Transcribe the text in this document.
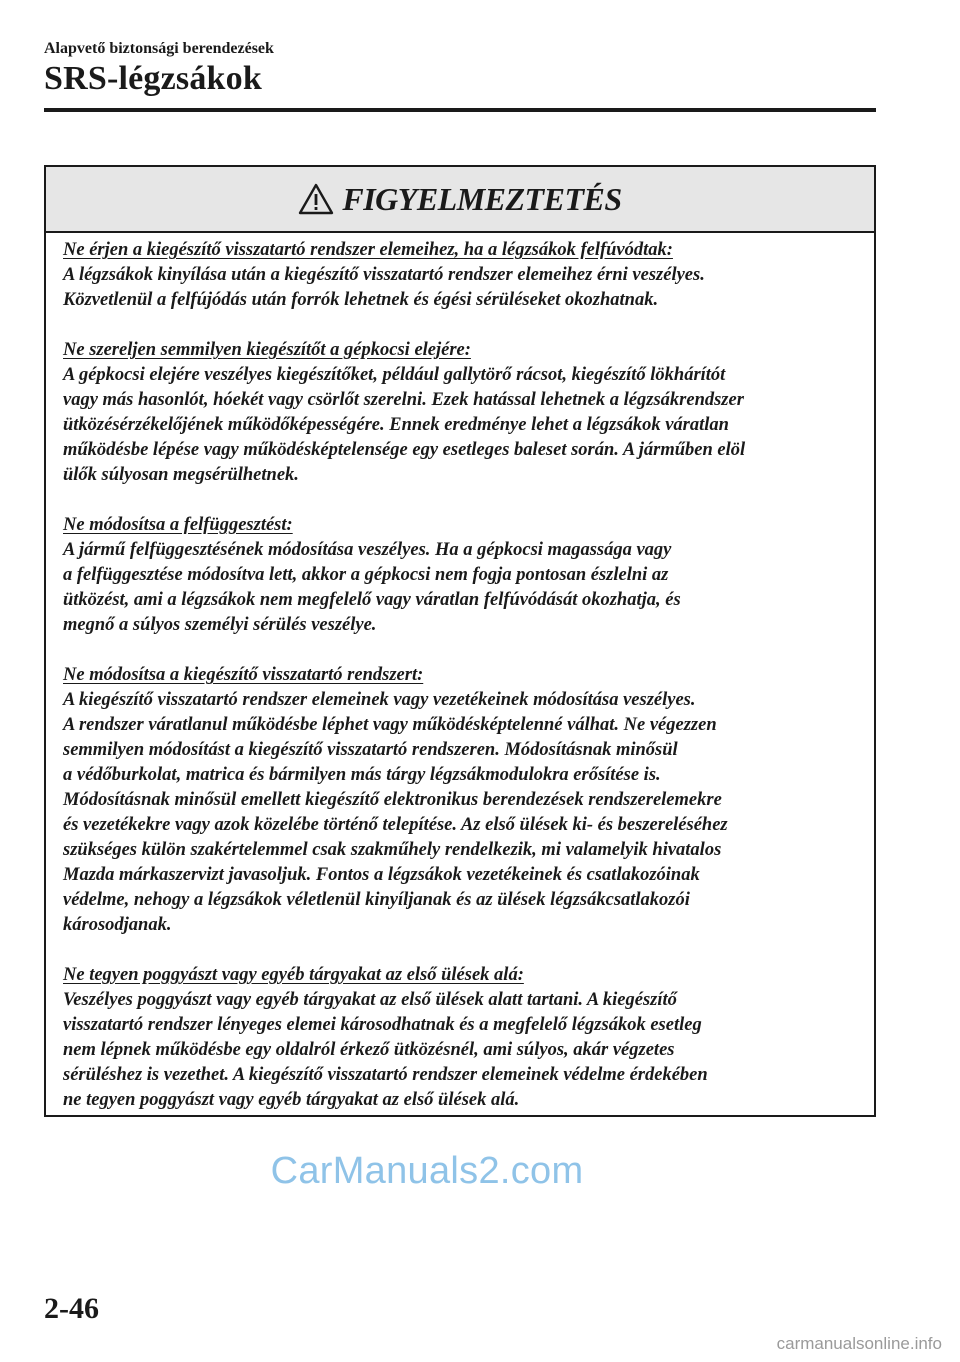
Alapvető biztonsági berendezések
SRS-légzsákok
FIGYELMEZTETÉS
Ne érjen a kiegészítő visszatartó rendszer elemeihez, ha a légzsákok felfúvódtak:
A légzsákok kinyílása után a kiegészítő visszatartó rendszer elemeihez érni veszélyes.
Közvetlenül a felfújódás után forrók lehetnek és égési sérüléseket okozhatnak.
Ne szereljen semmilyen kiegészítőt a gépkocsi elejére:
A gépkocsi elejére veszélyes kiegészítőket, például gallytörő rácsot, kiegészítő lökhárítót
vagy más hasonlót, hóekét vagy csörlőt szerelni. Ezek hatással lehetnek a légzsákrendszer
ütközésérzékelőjének működőképességére. Ennek eredménye lehet a légzsákok váratlan
működésbe lépése vagy működésképtelensége egy esetleges baleset során. A járműben elöl
ülők súlyosan megsérülhetnek.
Ne módosítsa a felfüggesztést:
A jármű felfüggesztésének módosítása veszélyes. Ha a gépkocsi magassága vagy
a felfüggesztése módosítva lett, akkor a gépkocsi nem fogja pontosan észlelni az
ütközést, ami a légzsákok nem megfelelő vagy váratlan felfúvódását okozhatja, és
megnő a súlyos személyi sérülés veszélye.
Ne módosítsa a kiegészítő visszatartó rendszert:
A kiegészítő visszatartó rendszer elemeinek vagy vezetékeinek módosítása veszélyes.
A rendszer váratlanul működésbe léphet vagy működésképtelenné válhat. Ne végezzen
semmilyen módosítást a kiegészítő visszatartó rendszeren. Módosításnak minősül
a védőburkolat, matrica és bármilyen más tárgy légzsákmodulokra erősítése is.
Módosításnak minősül emellett kiegészítő elektronikus berendezések rendszerelemekre
és vezetékekre vagy azok közelébe történő telepítése. Az első ülések ki- és beszereléséhez
szükséges külön szakértelemmel csak szakműhely rendelkezik, mi valamelyik hivatalos
Mazda márkaszervizt javasoljuk. Fontos a légzsákok vezetékeinek és csatlakozóinak
védelme, nehogy a légzsákok véletlenül kinyíljanak és az ülések légzsákcsatlakozói
károsodjanak.
Ne tegyen poggyászt vagy egyéb tárgyakat az első ülések alá:
Veszélyes poggyászt vagy egyéb tárgyakat az első ülések alatt tartani. A kiegészítő
visszatartó rendszer lényeges elemei károsodhatnak és a megfelelő légzsákok esetleg
nem lépnek működésbe egy oldalról érkező ütközésnél, ami súlyos, akár végzetes
sérüléshez is vezethet. A kiegészítő visszatartó rendszer elemeinek védelme érdekében
ne tegyen poggyászt vagy egyéb tárgyakat az első ülések alá.
CarManuals2.com
2-46
carmanualsonline.info
